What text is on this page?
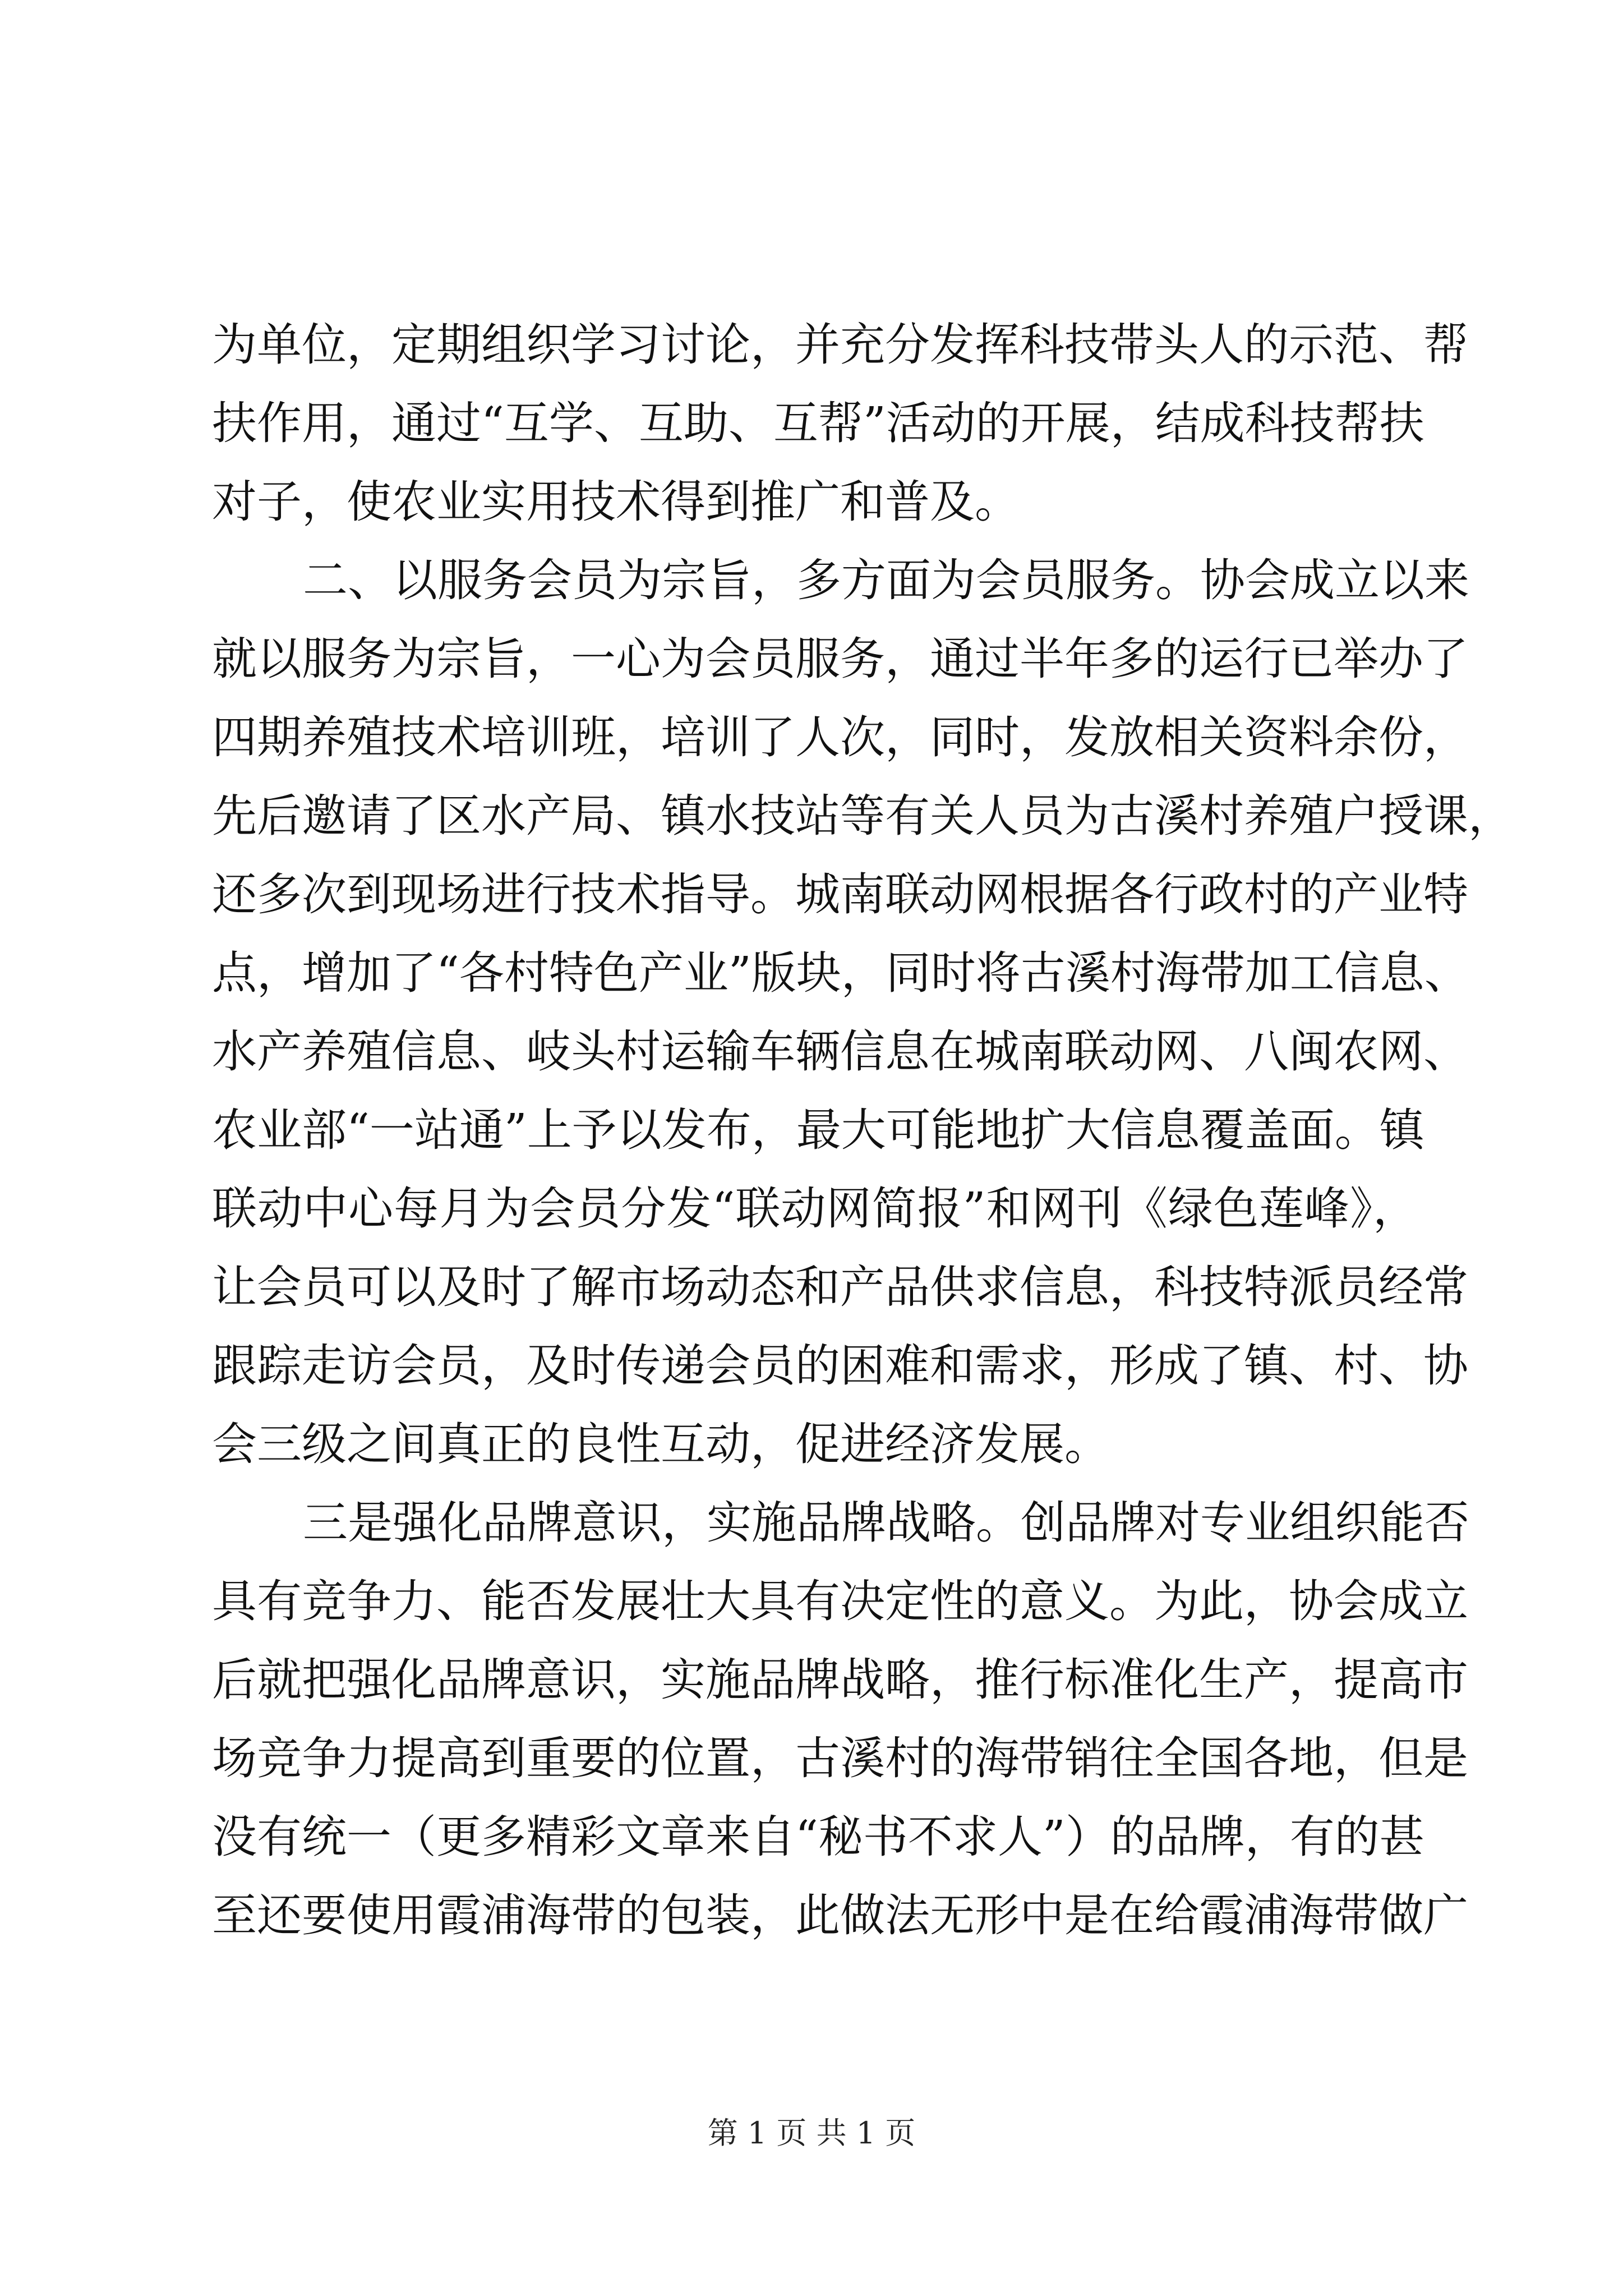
为单位，定期组织学习讨论，并充分发挥科技带头人的示范、帮
扶作用，通过“互学、互助、互帮”活动的开展，结成科技帮扶
对子，使农业实用技术得到推广和普及。
二、以服务会员为宗旨，多方面为会员服务。协会成立以来
就以服务为宗旨，一心为会员服务，通过半年多的运行已举办了
四期养殖技术培训班，培训了人次，同时，发放相关资料余份，
先后邀请了区水产局、镇水技站等有关人员为古溪村养殖户授课，
还多次到现场进行技术指导。城南联动网根据各行政村的产业特
点，增加了“各村特色产业”版块，同时将古溪村海带加工信息、
水产养殖信息、岐头村运输车辆信息在城南联动网、八闽农网、
农业部“一站通”上予以发布，最大可能地扩大信息覆盖面。镇
联动中心每月为会员分发“联动网简报”和网刊《绿色莲峰》，
让会员可以及时了解市场动态和产品供求信息，科技特派员经常
跟踪走访会员，及时传递会员的困难和需求，形成了镇、村、协
会三级之间真正的良性互动，促进经济发展。
三是强化品牌意识，实施品牌战略。创品牌对专业组织能否
具有竞争力、能否发展壮大具有决定性的意义。为此，协会成立
后就把强化品牌意识，实施品牌战略，推行标准化生产，提高市
场竞争力提高到重要的位置，古溪村的海带销往全国各地，但是
没有统一（更多精彩文章来自“秘书不求人”）的品牌，有的甚
至还要使用霞浦海带的包装，此做法无形中是在给霞浦海带做广
第 1 页 共 1 页
